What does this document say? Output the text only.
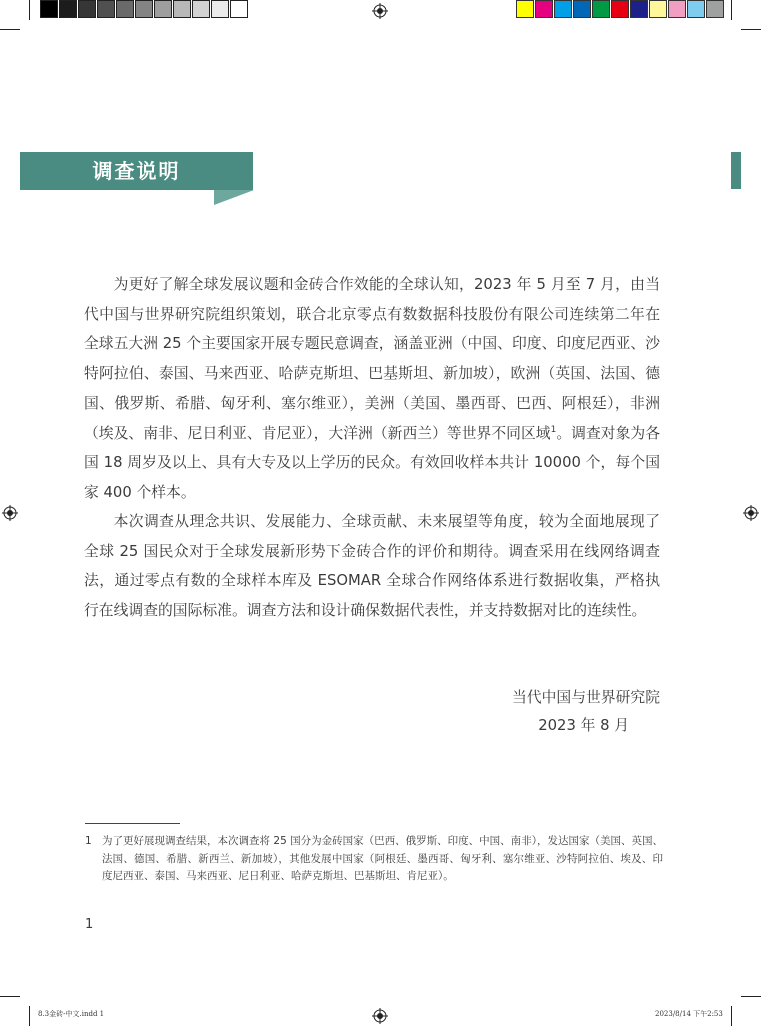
调查说明

为更好了解全球发展议题和金砖合作效能的全球认知，2023 年 5 月至 7 月，由当代中国与世界研究院组织策划，联合北京零点有数数据科技股份有限公司连续第二年在全球五大洲 25 个主要国家开展专题民意调查，涵盖亚洲（中国、印度、印度尼西亚、沙特阿拉伯、泰国、马来西亚、哈萨克斯坦、巴基斯坦、新加坡），欧洲（英国、法国、德国、俄罗斯、希腊、匈牙利、塞尔维亚），美洲（美国、墨西哥、巴西、阿根廷），非洲（埃及、南非、尼日利亚、肯尼亚），大洋洲（新西兰）等世界不同区域$^1$。调查对象为各国 18 周岁及以上、具有大专及以上学历的民众。有效回收样本共计 10000 个，每个国家 400 个样本。

本次调查从理念共识、发展能力、全球贡献、未来展望等角度，较为全面地展现了全球 25 国民众对于全球发展新形势下金砖合作的评价和期待。调查采用在线网络调查法，通过零点有数的全球样本库及 ESOMAR 全球合作网络体系进行数据收集，严格执行在线调查的国际标准。调查方法和设计确保数据代表性，并支持数据对比的连续性。

当代中国与世界研究院
2023 年 8 月
1 为了更好展现调查结果，本次调查将 25 国分为金砖国家（巴西、俄罗斯、印度、中国、南非），发达国家（美国、英国、法国、德国、希腊、新西兰、新加坡），其他发展中国家（阿根廷、墨西哥、匈牙利、塞尔维亚、沙特阿拉伯、埃及、印度尼西亚、泰国、马来西亚、尼日利亚、哈萨克斯坦、巴基斯坦、肯尼亚）。
1
8.3金砖-中文.indd 1	2023/8/14 下午2:53
